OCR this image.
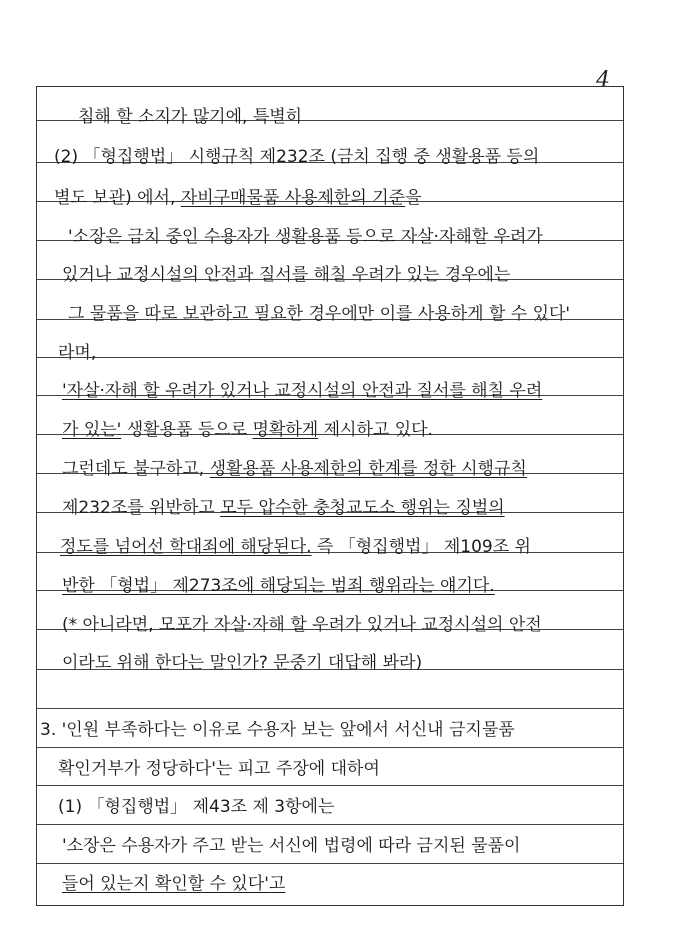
4
침해 할 소지가 많기에, 특별히
(2) 「형집행법」 시행규칙 제232조 (금치 집행 중 생활용품 등의
별도 보관) 에서, 자비구매물품 사용제한의 기준을
'소장은 금치 중인 수용자가 생활용품 등으로 자살·자해할 우려가
있거나 교정시설의 안전과 질서를 해칠 우려가 있는 경우에는
그 물품을 따로 보관하고 필요한 경우에만 이를 사용하게 할 수 있다'
라며,
'자살·자해 할 우려가 있거나 교정시설의 안전과 질서를 해칠 우려
가 있는' 생활용품 등으로 명확하게 제시하고 있다.
그런데도 불구하고, 생활용품 사용제한의 한계를 정한 시행규칙
제232조를 위반하고 모두 압수한 충청교도소 행위는 징벌의
정도를 넘어선 학대죄에 해당된다. 즉 「형집행법」 제109조 위
반한 「형법」 제273조에 해당되는 범죄 행위라는 얘기다.
(* 아니라면, 모포가 자살·자해 할 우려가 있거나 교정시설의 안전
이라도 위해 한다는 말인가? 문중기 대답해 봐라)
3. '인원 부족하다는 이유로 수용자 보는 앞에서 서신내 금지물품
확인거부가 정당하다'는 피고 주장에 대하여
(1) 「형집행법」 제43조 제 3항에는
'소장은 수용자가 주고 받는 서신에 법령에 따라 금지된 물품이
들어 있는지 확인할 수 있다'고
